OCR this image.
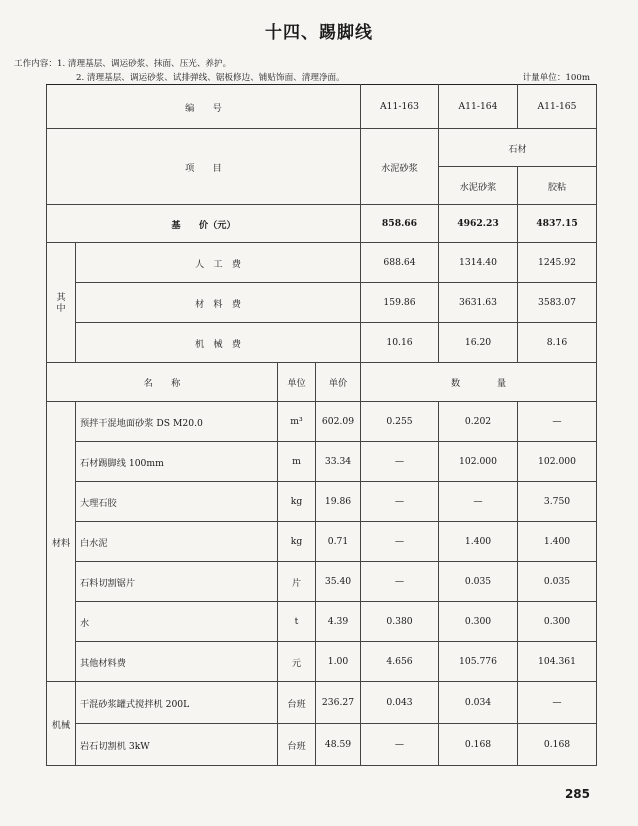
十四、踢脚线
工作内容：1. 清理基层、调运砂浆、抹面、压光、养护。
2. 清理基层、调运砂浆、试排弹线、锯板修边、铺贴饰面、清理净面。	计量单位：100m
编　　号				A11-163	A11-164	A11-165
项　　目				水泥砂浆	石材	
					水泥砂浆	胶粘
基　　价（元）				858.66	4962.23	4837.15
其中	人　工　费			688.64	1314.40	1245.92
	材　料　费			159.86	3631.63	3583.07
	机　械　费			10.16	16.20	8.16
名　　称		单位	单价	数　　　　量		
材料	预拌干混地面砂浆 DS M20.0	m³	602.09	0.255	0.202	—
	石材踢脚线 100mm	m	33.34	—	102.000	102.000
	大理石胶	kg	19.86	—	—	3.750
	白水泥	kg	0.71	—	1.400	1.400
	石料切割锯片	片	35.40	—	0.035	0.035
	水	t	4.39	0.380	0.300	0.300
	其他材料费	元	1.00	4.656	105.776	104.361
机械	干混砂浆罐式搅拌机 200L	台班	236.27	0.043	0.034	—
	岩石切割机 3kW	台班	48.59	—	0.168	0.168
285
